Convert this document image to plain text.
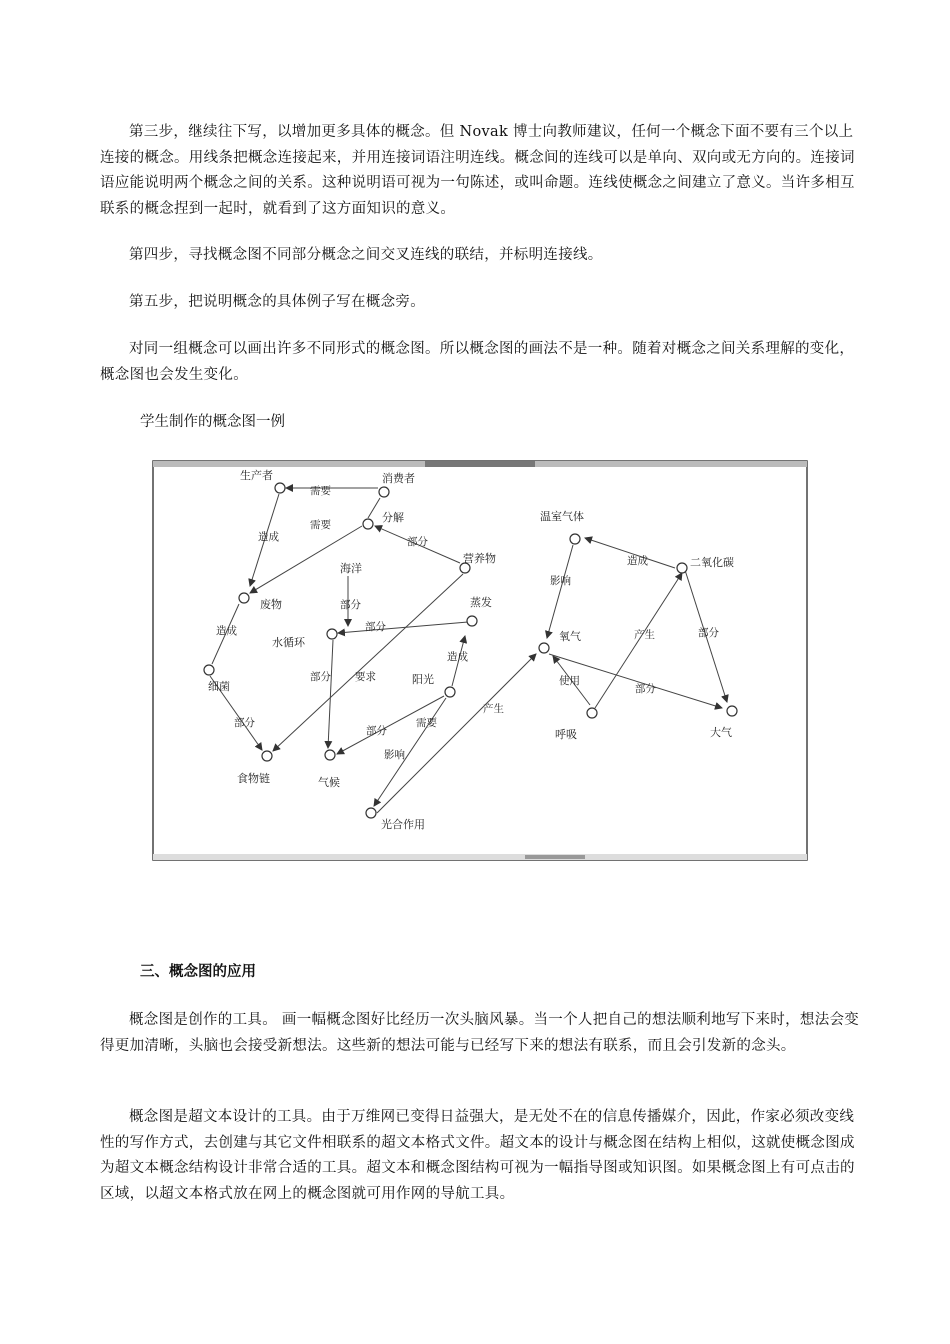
第三步，继续往下写，以增加更多具体的概念。但 Novak 博士向教师建议，任何一个概念下面不要有三个以上连接的概念。用线条把概念连接起来，并用连接词语注明连线。概念间的连线可以是单向、双向或无方向的。连接词语应能说明两个概念之间的关系。这种说明语可视为一句陈述，或叫命题。连线使概念之间建立了意义。当许多相互联系的概念捏到一起时，就看到了这方面知识的意义。

第四步，寻找概念图不同部分概念之间交叉连线的联结，并标明连接线。

第五步，把说明概念的具体例子写在概念旁。

对同一组概念可以画出许多不同形式的概念图。所以概念图的画法不是一种。随着对概念之间关系理解的变化，概念图也会发生变化。

学生制作的概念图一例

生产者	消费者
分解
废物
细菌
食物链
海洋
水循环
营养物
蒸发
阳光
气候
光合作用
温室气体
二氧化碳
氧气
呼吸	大气
需要
需要
造成	部分
造成
部分
部分
部分 要求
部分
造成
部分
需要
影响
产生
影响
造成
产生	部分
使用
部分

三、概念图的应用

概念图是创作的工具。 画一幅概念图好比经历一次头脑风暴。当一个人把自己的想法顺利地写下来时，想法会变得更加清晰，头脑也会接受新想法。这些新的想法可能与已经写下来的想法有联系，而且会引发新的念头。

概念图是超文本设计的工具。由于万维网已变得日益强大，是无处不在的信息传播媒介，因此，作家必须改变线性的写作方式，去创建与其它文件相联系的超文本格式文件。超文本的设计与概念图在结构上相似，这就使概念图成为超文本概念结构设计非常合适的工具。超文本和概念图结构可视为一幅指导图或知识图。如果概念图上有可点击的区域，以超文本格式放在网上的概念图就可用作网的导航工具。
